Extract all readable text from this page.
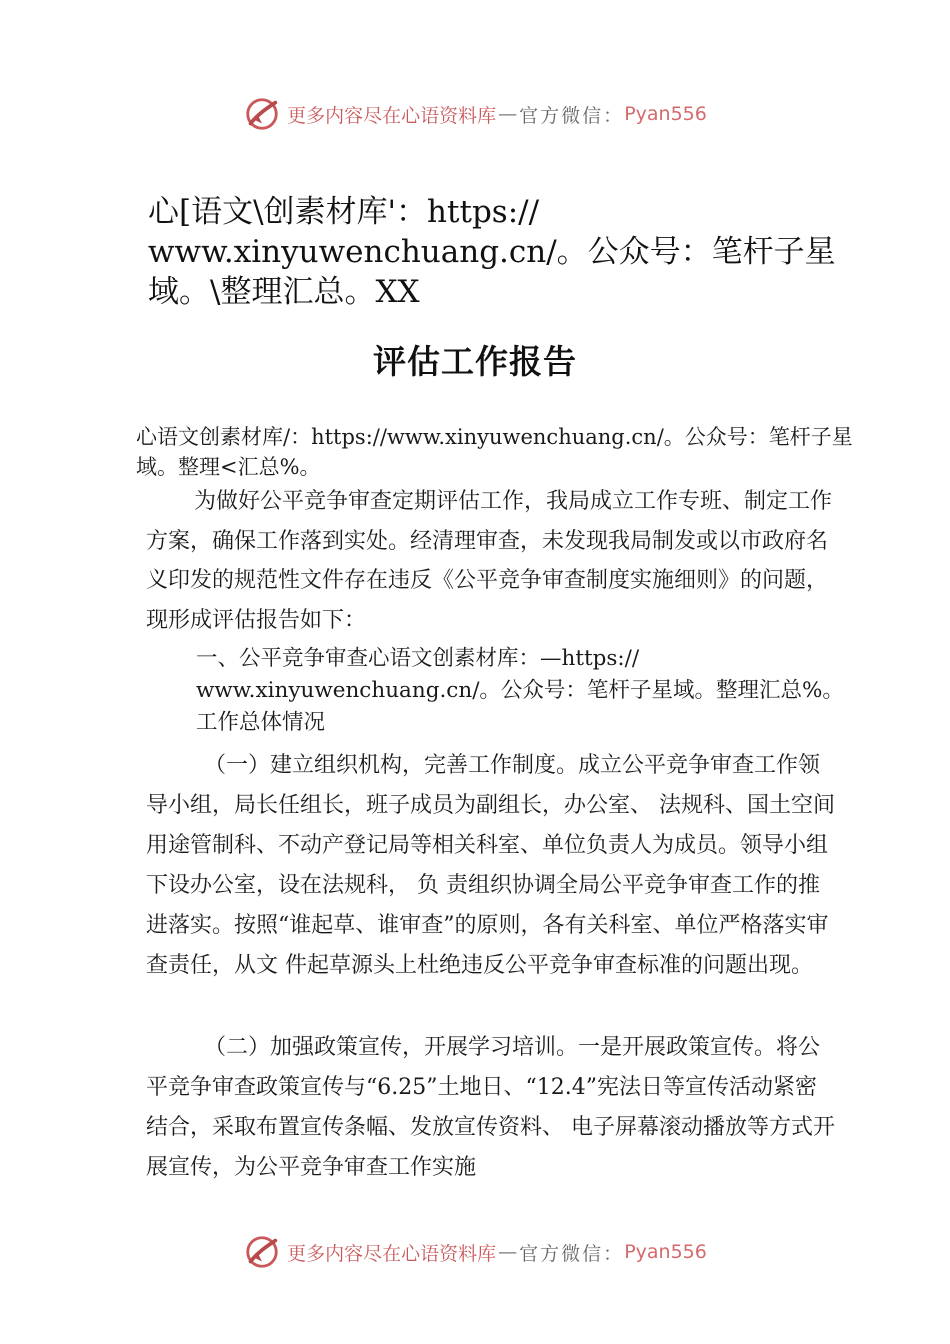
更多内容尽在心语资料库 — 官方微信： Pyan556
心[语文\创素材库'：https:// www.xinyuwenchuang.cn/。公众号：笔杆子星域。\整理汇总。XX
评估工作报告

心语文创素材库/：https://www.xinyuwenchuang.cn/。公众号：笔杆子星域。整理<汇总%。

为做好公平竞争审查定期评估工作，我局成立工作专班、制定工作方案，确保工作落到实处。经清理审查，未发现我局制发或以市政府名义印发的规范性文件存在违反《公平竞争审查制度实施细则》的问题，现形成评估报告如下：

一、公平竞争审查心语文创素材库：—https:// www.xinyuwenchuang.cn/。公众号：笔杆子星域。整理汇总%。工作总体情况

（一）建立组织机构，完善工作制度。成立公平竞争审查工作领导小组，局长任组长，班子成员为副组长，办公室、 法规科、国土空间用途管制科、不动产登记局等相关科室、单位负责人为成员。领导小组下设办公室，设在法规科， 负 责组织协调全局公平竞争审查工作的推进落实。按照“谁起草、谁审查”的原则，各有关科室、单位严格落实审查责任，从文 件起草源头上杜绝违反公平竞争审查标准的问题出现。

（二）加强政策宣传，开展学习培训。一是开展政策宣传。将公平竞争审查政策宣传与“6.25”土地日、“12.4”宪法日等宣传活动紧密结合，采取布置宣传条幅、发放宣传资料、 电子屏幕滚动播放等方式开展宣传，为公平竞争审查工作实施

更多内容尽在心语资料库 — 官方微信： Pyan556
